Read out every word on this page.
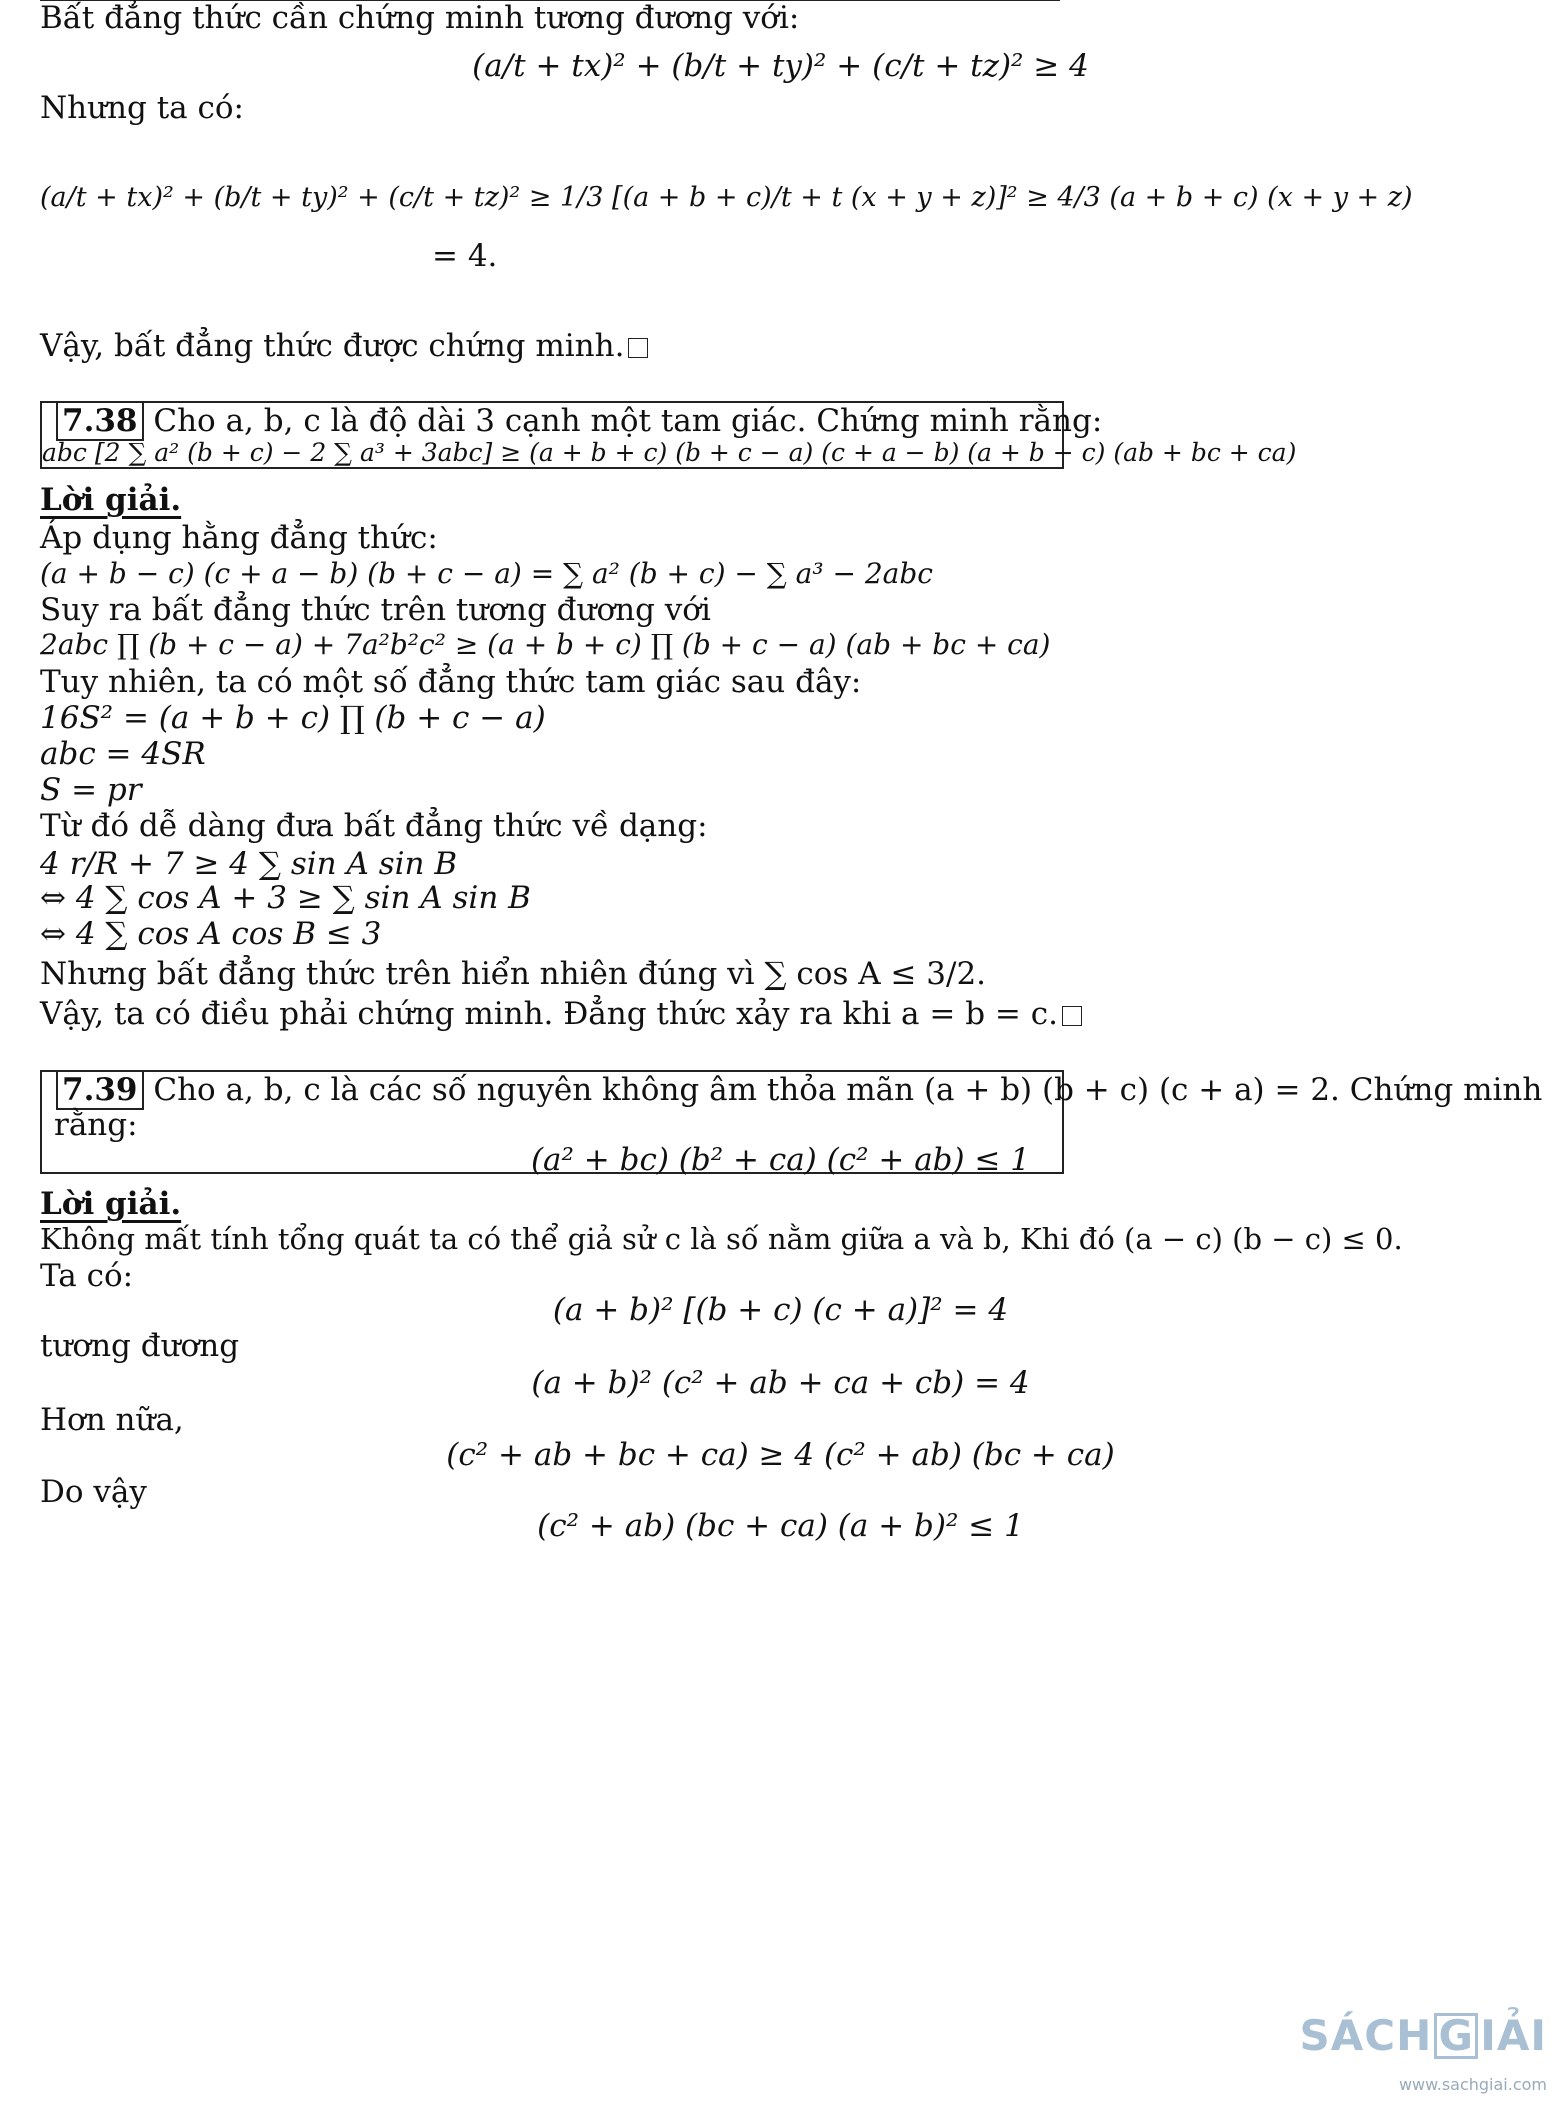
Bất đẳng thức cần chứng minh tương đương với:
(a/t + tx)² + (b/t + ty)² + (c/t + tz)² ≥ 4
Nhưng ta có:
(a/t + tx)² + (b/t + ty)² + (c/t + tz)² ≥ 1/3 [(a + b + c)/t + t (x + y + z)]² ≥ 4/3 (a + b + c) (x + y + z)
= 4.
Vậy, bất đẳng thức được chứng minh.
7.38 Cho a, b, c là độ dài 3 cạnh một tam giác. Chứng minh rằng:
abc [2 ∑ a² (b + c) − 2 ∑ a³ + 3abc] ≥ (a + b + c) (b + c − a) (c + a − b) (a + b − c) (ab + bc + ca)
Lời giải.
Áp dụng hằng đẳng thức:
(a + b − c) (c + a − b) (b + c − a) = ∑ a² (b + c) − ∑ a³ − 2abc
Suy ra bất đẳng thức trên tương đương với
2abc ∏ (b + c − a) + 7a²b²c² ≥ (a + b + c) ∏ (b + c − a) (ab + bc + ca)
Tuy nhiên, ta có một số đẳng thức tam giác sau đây:
16S² = (a + b + c) ∏ (b + c − a)
abc = 4SR
S = pr
Từ đó dễ dàng đưa bất đẳng thức về dạng:
4 r/R + 7 ≥ 4 ∑ sin A sin B
⇔ 4 ∑ cos A + 3 ≥ ∑ sin A sin B
⇔ 4 ∑ cos A cos B ≤ 3
Nhưng bất đẳng thức trên hiển nhiên đúng vì ∑ cos A ≤ 3/2.
Vậy, ta có điều phải chứng minh. Đẳng thức xảy ra khi a = b = c.
7.39 Cho a, b, c là các số nguyên không âm thỏa mãn (a + b) (b + c) (c + a) = 2. Chứng minh
rằng:
(a² + bc) (b² + ca) (c² + ab) ≤ 1
Lời giải.
Không mất tính tổng quát ta có thể giả sử c là số nằm giữa a và b, Khi đó (a − c) (b − c) ≤ 0.
Ta có:
(a + b)² [(b + c) (c + a)]² = 4
tương đương
(a + b)² (c² + ab + ca + cb) = 4
Hơn nữa,
(c² + ab + bc + ca) ≥ 4 (c² + ab) (bc + ca)
Do vậy
(c² + ab) (bc + ca) (a + b)² ≤ 1
SÁCH G IẢI
www.sachgiai.com
